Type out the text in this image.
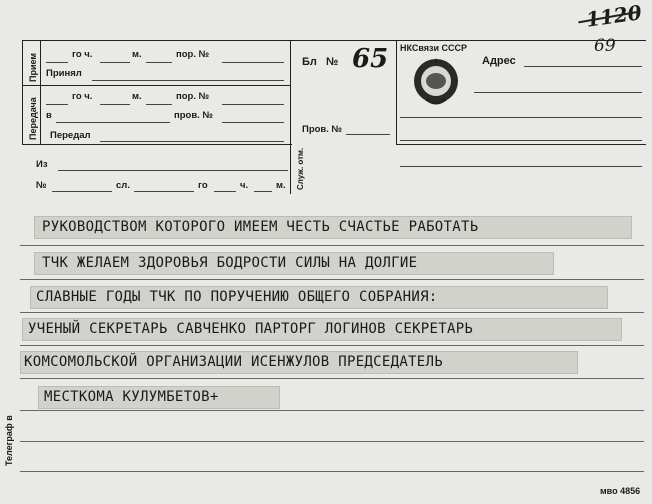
1120
69
Прием
Передача
го ч.	м.	пор. №
Принял
го ч.	м.	пор. №
в	пров. №
Передал
Бл № 65
Пров. №
Служ. отм.
НКСвязи СССР
Адрес
Из
№	сл.	го	ч.	м.
РУКОВОДСТВОМ КОТОРОГО ИМЕЕМ ЧЕСТЬ СЧАСТЬЕ РАБОТАТЬ
ТЧК ЖЕЛАЕМ ЗДОРОВЬЯ БОДРОСТИ СИЛЫ НА ДОЛГИЕ
СЛАВНЫЕ ГОДЫ ТЧК ПО ПОРУЧЕНИЮ ОБЩЕГО СОБРАНИЯ:
УЧЕНЫЙ СЕКРЕТАРЬ САВЧЕНКО ПАРТОРГ ЛОГИНОВ СЕКРЕТАРЬ
КОМСОМОЛЬСКОЙ ОРГАНИЗАЦИИ ИСЕНЖУЛОВ ПРЕДСЕДАТЕЛЬ
МЕСТКОМА КУЛУМБЕТОВ+
Телеграф в
мво 4856
